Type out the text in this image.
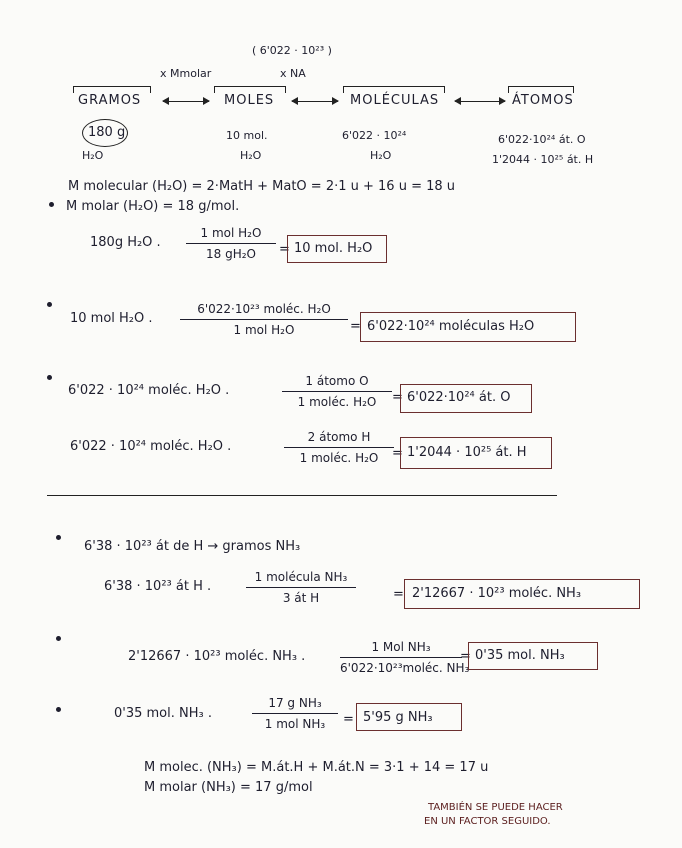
( 6'022 · 10²³ )
x NA
x Mmolar
GRAMOS	MOLES	MOLÉCULAS	ÁTOMOS
180 g
H₂O
10 mol.
H₂O
6'022 · 10²⁴
H₂O
6'022·10²⁴ át. O
1'2044 · 10²⁵ át. H
M molecular (H₂O) = 2·MatH + MatO = 2·1 u + 16 u = 18 u
M molar (H₂O) = 18 g/mol.
180g H₂O .
1 mol H₂O
18 gH₂O	= 10 mol. H₂O
10 mol H₂O .
6'022·10²³ moléc. H₂O
1 mol H₂O	= 6'022·10²⁴ moléculas H₂O
6'022 · 10²⁴ moléc. H₂O .
1 átomo O
1 moléc. H₂O	= 6'022·10²⁴ át. O
6'022 · 10²⁴ moléc. H₂O .
2 átomo H
1 moléc. H₂O	= 1'2044 · 10²⁵ át. H
6'38 · 10²³ át de H → gramos NH₃
6'38 · 10²³ át H .
1 molécula NH₃
3 át H	= 2'12667 · 10²³ moléc. NH₃
2'12667 · 10²³ moléc. NH₃ .
1 Mol NH₃
6'022·10²³moléc. NH₃
= 0'35 mol. NH₃
0'35 mol. NH₃ .
17 g NH₃
1 mol NH₃	= 5'95 g NH₃
M molec. (NH₃) = M.át.H + M.át.N = 3·1 + 14 = 17 u
M molar (NH₃) = 17 g/mol
TAMBIÉN SE PUEDE HACER
EN UN FACTOR SEGUIDO.
